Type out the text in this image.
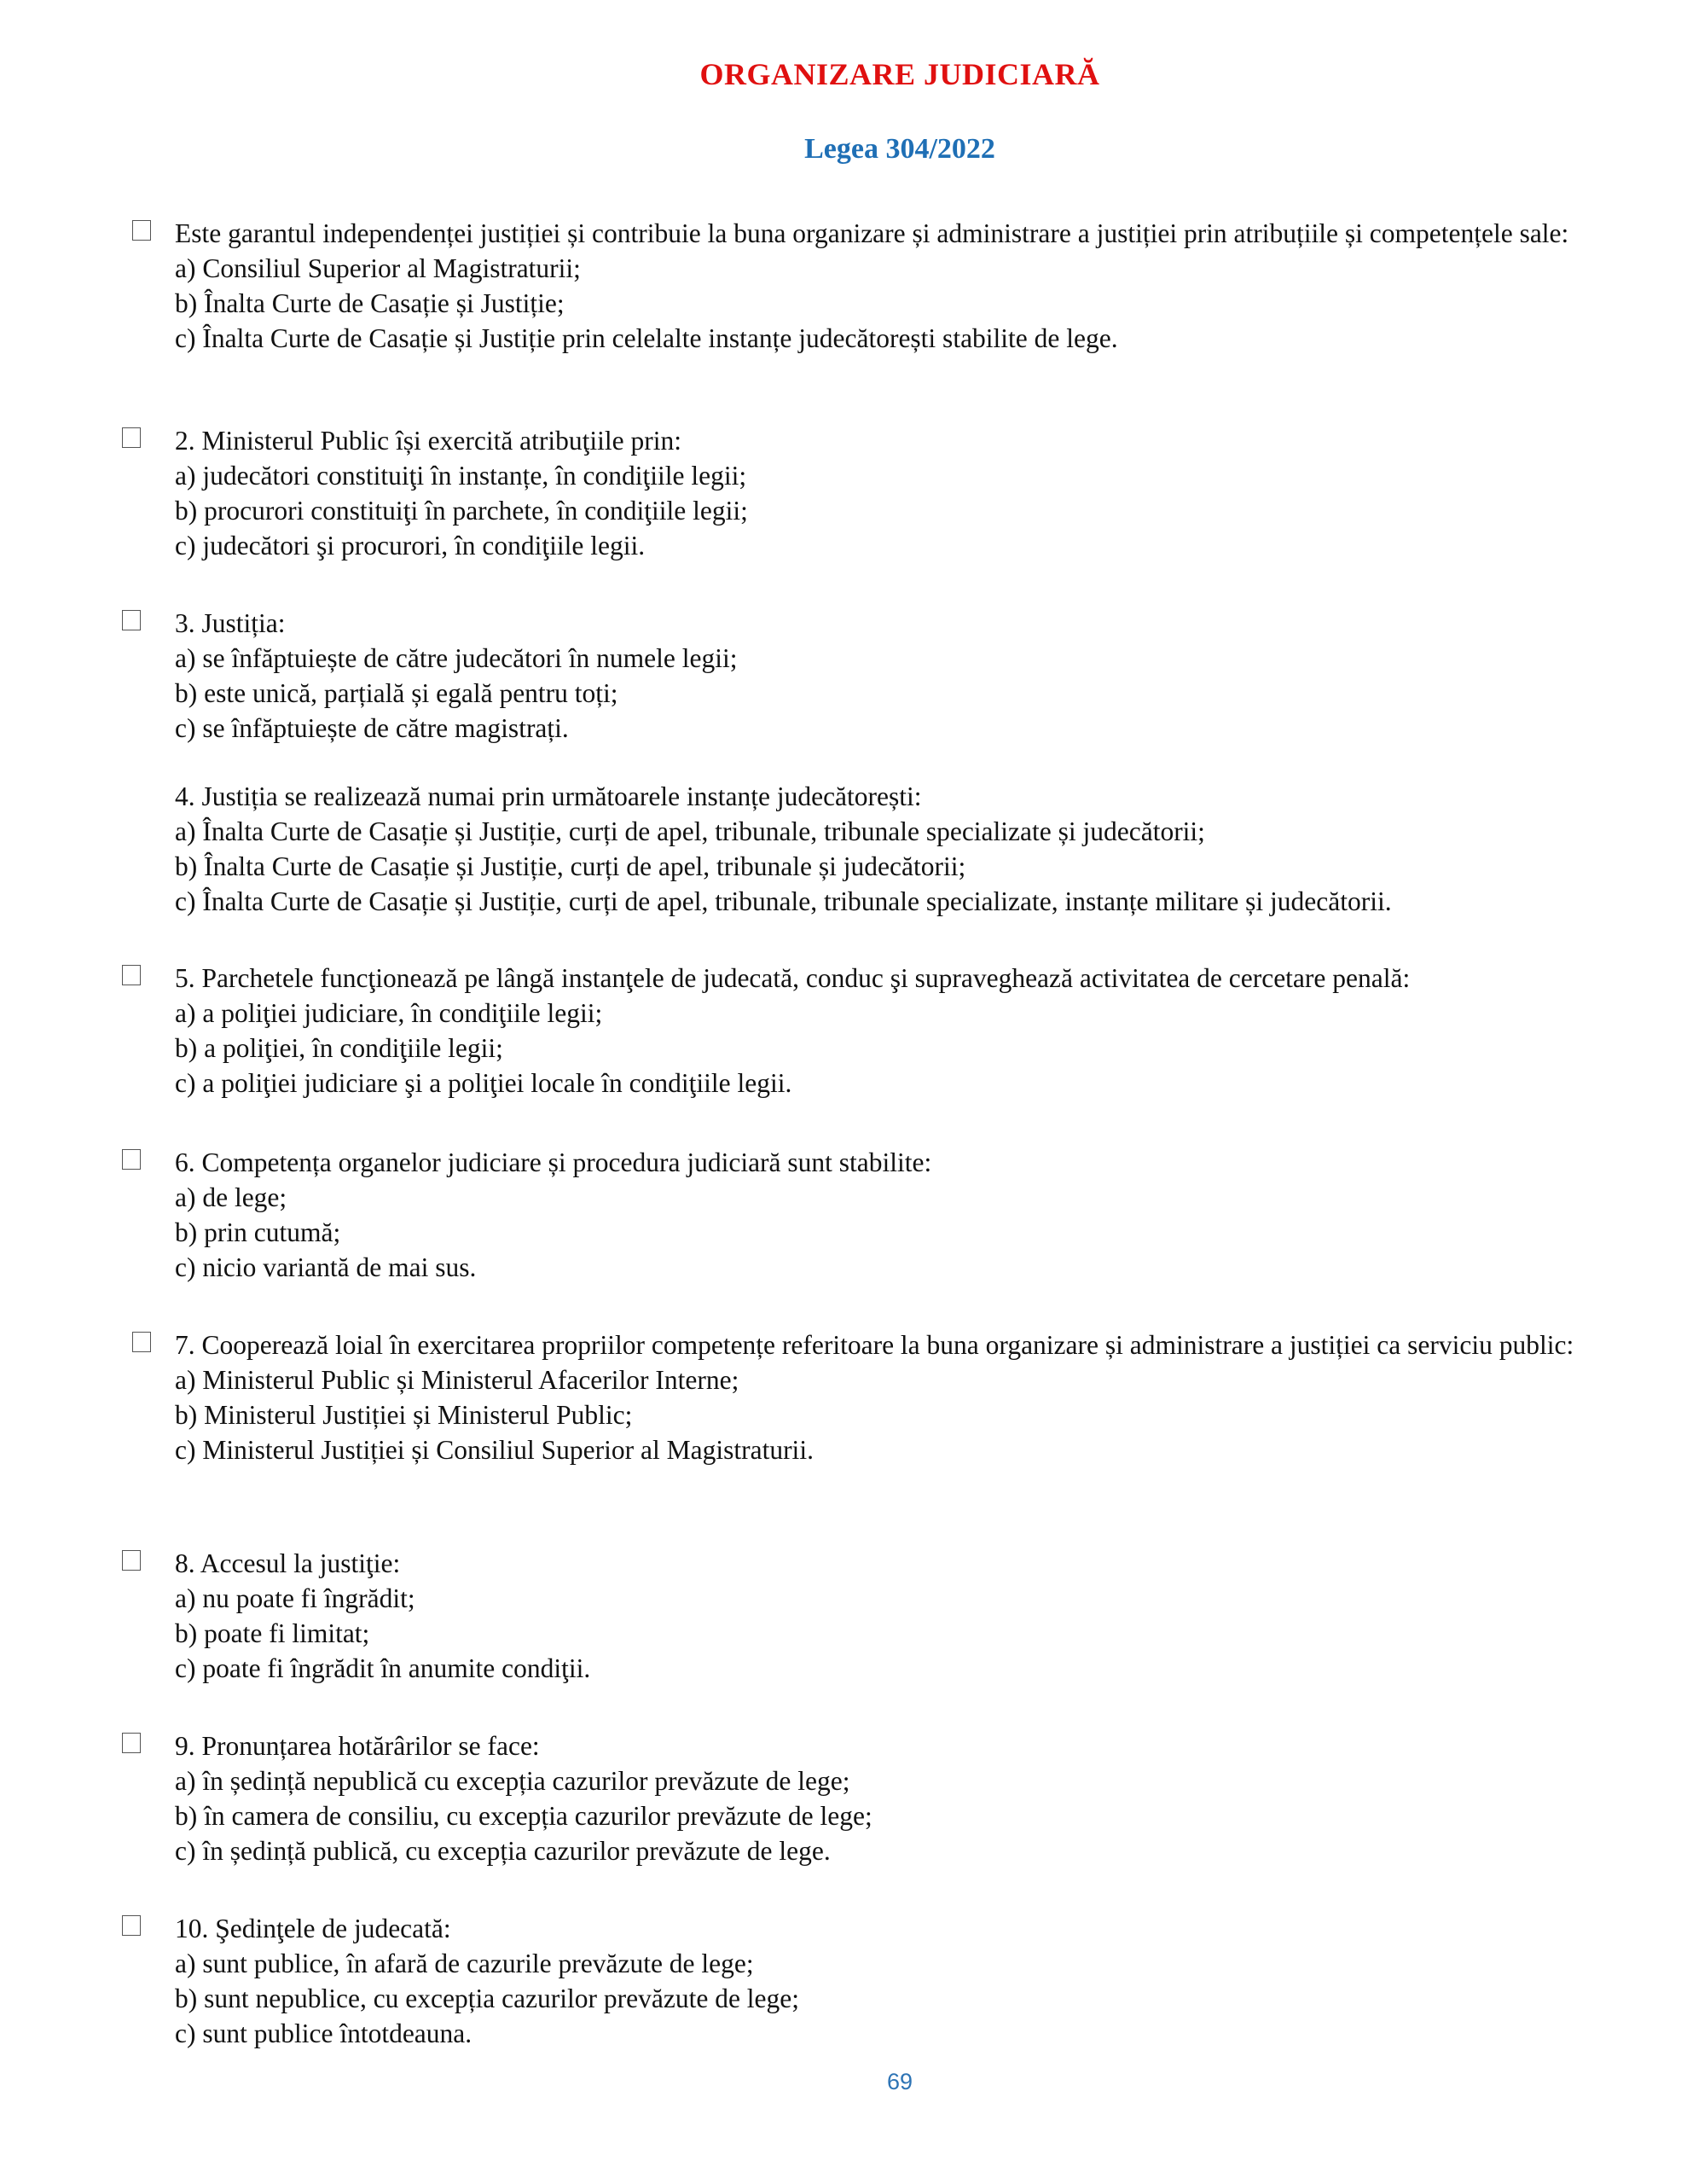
ORGANIZARE JUDICIARĂ
Legea 304/2022
Este garantul independenței justiției și contribuie la buna organizare și administrare a justiției prin atribuțiile și competențele sale:
a) Consiliul Superior al Magistraturii;
b) Înalta Curte de Casație și Justiție;
c) Înalta Curte de Casație și Justiție prin celelalte instanțe judecătorești stabilite de lege.
2. Ministerul Public își exercită atribuţiile prin:
a) judecători constituiţi în instanțe, în condiţiile legii;
b) procurori constituiţi în parchete, în condiţiile legii;
c) judecători şi procurori, în condiţiile legii.
3. Justiția:
a) se înfăptuiește de către judecători în numele legii;
b) este unică, parțială și egală pentru toți;
c) se înfăptuiește de către magistrați.
4. Justiția se realizează numai prin următoarele instanțe judecătorești:
a) Înalta Curte de Casație și Justiție, curți de apel, tribunale, tribunale specializate și judecătorii;
b) Înalta Curte de Casație și Justiție, curți de apel, tribunale și judecătorii;
c) Înalta Curte de Casație și Justiție, curți de apel, tribunale, tribunale specializate, instanțe militare și judecătorii.
5. Parchetele funcţionează pe lângă instanţele de judecată, conduc şi supraveghează activitatea de cercetare penală:
a) a poliţiei judiciare, în condiţiile legii;
b) a poliţiei, în condiţiile legii;
c) a poliţiei judiciare şi a poliţiei locale în condiţiile legii.
6. Competența organelor judiciare și procedura judiciară sunt stabilite:
a) de lege;
b) prin cutumă;
c) nicio variantă de mai sus.
7. Cooperează loial în exercitarea propriilor competențe referitoare la buna organizare și administrare a justiției ca serviciu public:
a) Ministerul Public și Ministerul Afacerilor Interne;
b) Ministerul Justiției și Ministerul Public;
c) Ministerul Justiției și Consiliul Superior al Magistraturii.
8. Accesul la justiţie:
a) nu poate fi îngrădit;
b) poate fi limitat;
c) poate fi îngrădit în anumite condiţii.
9. Pronunțarea hotărârilor se face:
a) în ședință nepublică cu excepția cazurilor prevăzute de lege;
b) în camera de consiliu, cu excepția cazurilor prevăzute de lege;
c) în ședință publică, cu excepția cazurilor prevăzute de lege.
10. Şedinţele de judecată:
a) sunt publice, în afară de cazurile prevăzute de lege;
b) sunt nepublice, cu excepția cazurilor prevăzute de lege;
c) sunt publice întotdeauna.
69
